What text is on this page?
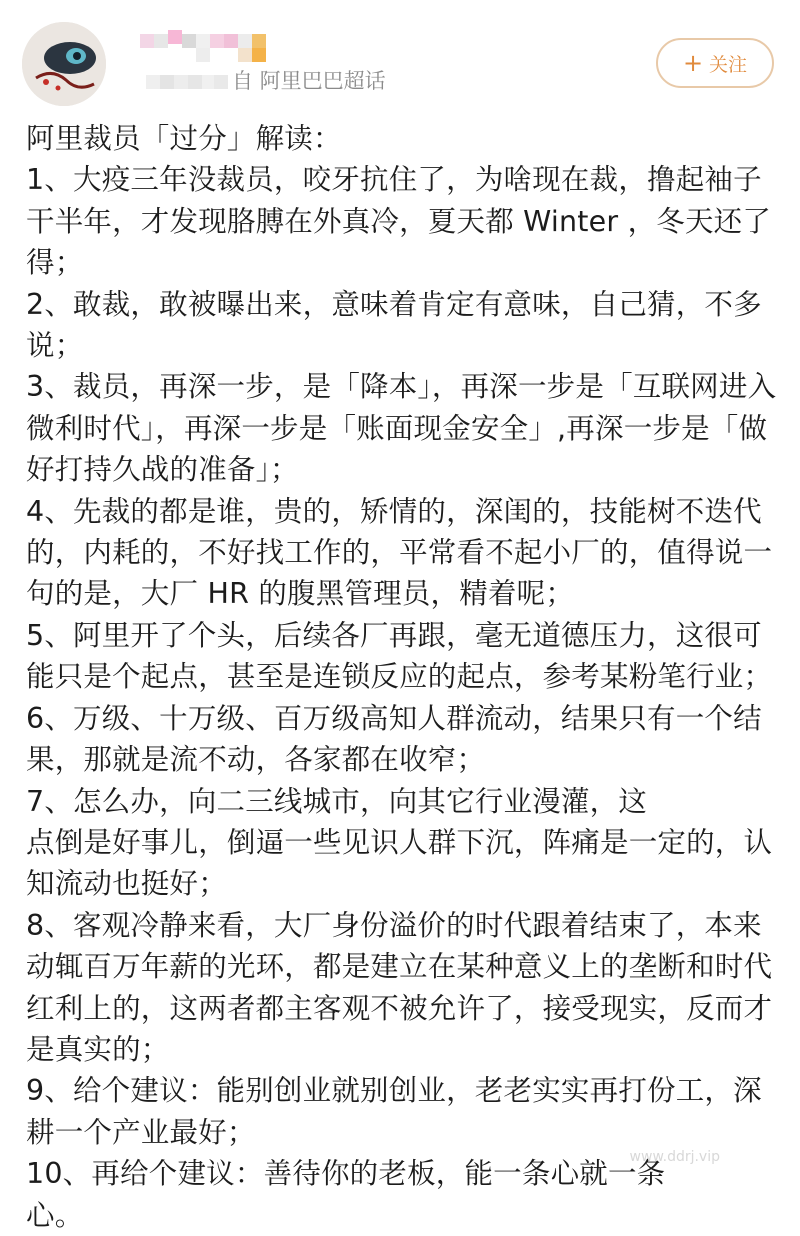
自 阿里巴巴超话
+ 关注

阿里裁员「过分」解读：

1、大疫三年没裁员，咬牙抗住了，为啥现在裁，撸起袖子干半年，才发现胳膊在外真冷，夏天都 Winter ，冬天还了得；

2、敢裁，敢被曝出来，意味着肯定有意味，自己猜，不多说；

3、裁员，再深一步，是「降本」，再深一步是「互联网进入微利时代」，再深一步是「账面现金安全」,再深一步是「做好打持久战的准备」；

4、先裁的都是谁，贵的，矫情的，深闺的，技能树不迭代的，内耗的，不好找工作的，平常看不起小厂的，值得说一句的是，大厂 HR 的腹黑管理员，精着呢；

5、阿里开了个头，后续各厂再跟，毫无道德压力，这很可能只是个起点，甚至是连锁反应的起点，参考某粉笔行业；

6、万级、十万级、百万级高知人群流动，结果只有一个结果，那就是流不动，各家都在收窄；

7、怎么办，向二三线城市，向其它行业漫灌，这
点倒是好事儿，倒逼一些见识人群下沉，阵痛是一定的，认知流动也挺好；

8、客观冷静来看，大厂身份溢价的时代跟着结束了，本来动辄百万年薪的光环，都是建立在某种意义上的垄断和时代红利上的，这两者都主客观不被允许了，接受现实，反而才是真实的；

9、给个建议：能别创业就别创业，老老实实再打份工，深耕一个产业最好；

10、再给个建议：善待你的老板，能一条心就一条
心。

www.ddrj.vip
